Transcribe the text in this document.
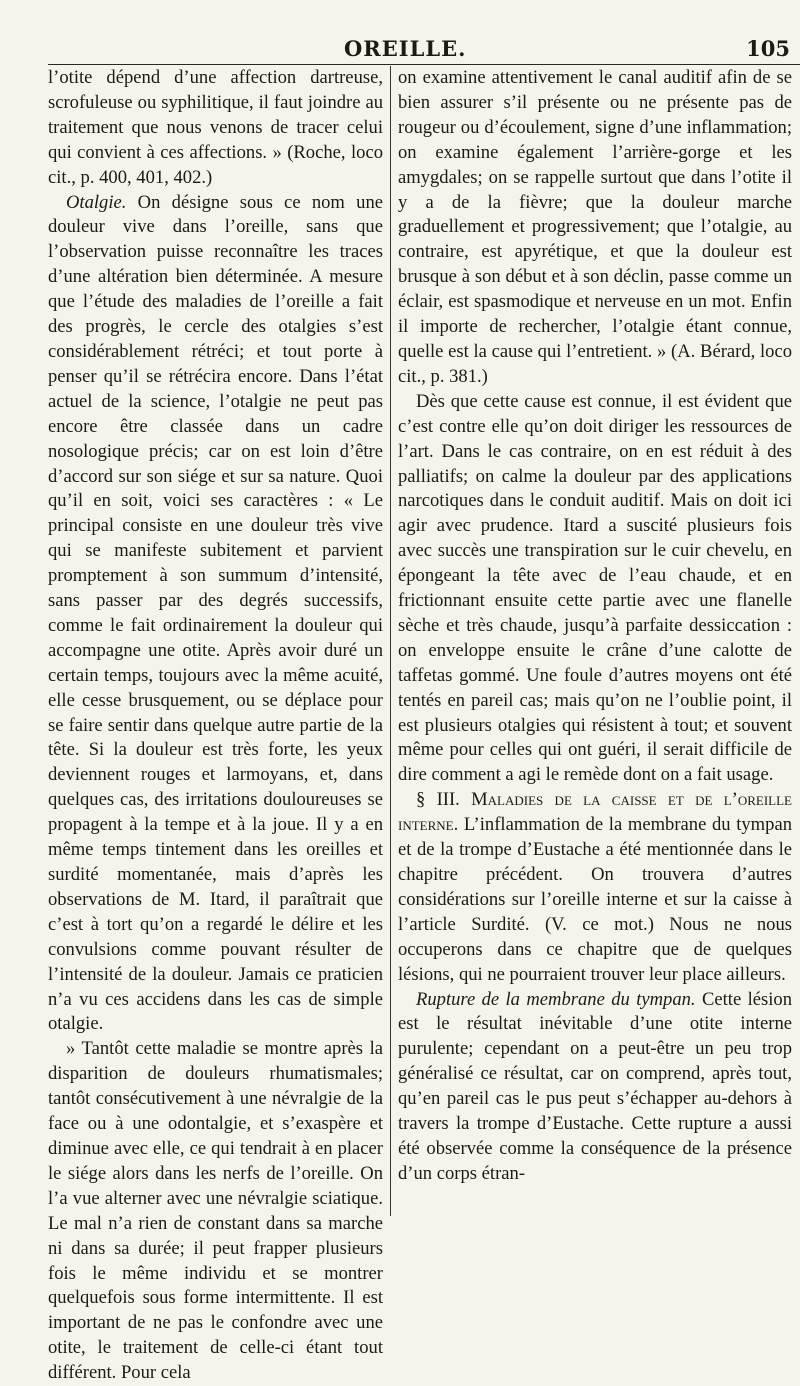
OREILLE.	105

l’otite dépend d’une affection dartreuse, scrofuleuse ou syphilitique, il faut joindre au traitement que nous venons de tracer celui qui convient à ces affections. » (Roche, loco cit., p. 400, 401, 402.)

Otalgie. On désigne sous ce nom une douleur vive dans l’oreille, sans que l’observation puisse reconnaître les traces d’une altération bien déterminée. A mesure que l’étude des maladies de l’oreille a fait des progrès, le cercle des otalgies s’est considérablement rétréci; et tout porte à penser qu’il se rétrécira encore. Dans l’état actuel de la science, l’otalgie ne peut pas encore être classée dans un cadre nosologique précis; car on est loin d’être d’accord sur son siége et sur sa nature. Quoi qu’il en soit, voici ses caractères : « Le principal consiste en une douleur très vive qui se manifeste subitement et parvient promptement à son summum d’intensité, sans passer par des degrés successifs, comme le fait ordinairement la douleur qui accompagne une otite. Après avoir duré un certain temps, toujours avec la même acuité, elle cesse brusquement, ou se déplace pour se faire sentir dans quelque autre partie de la tête. Si la douleur est très forte, les yeux deviennent rouges et larmoyans, et, dans quelques cas, des irritations douloureuses se propagent à la tempe et à la joue. Il y a en même temps tintement dans les oreilles et surdité momentanée, mais d’après les observations de M. Itard, il paraîtrait que c’est à tort qu’on a regardé le délire et les convulsions comme pouvant résulter de l’intensité de la douleur. Jamais ce praticien n’a vu ces accidens dans les cas de simple otalgie.

» Tantôt cette maladie se montre après la disparition de douleurs rhumatismales; tantôt consécutivement à une névralgie de la face ou à une odontalgie, et s’exaspère et diminue avec elle, ce qui tendrait à en placer le siége alors dans les nerfs de l’oreille. On l’a vue alterner avec une névralgie sciatique. Le mal n’a rien de constant dans sa marche ni dans sa durée; il peut frapper plusieurs fois le même individu et se montrer quelquefois sous forme intermittente. Il est important de ne pas le confondre avec une otite, le traitement de celle-ci étant tout différent. Pour cela

on examine attentivement le canal auditif afin de se bien assurer s’il présente ou ne présente pas de rougeur ou d’écoulement, signe d’une inflammation; on examine également l’arrière-gorge et les amygdales; on se rappelle surtout que dans l’otite il y a de la fièvre; que la douleur marche graduellement et progressivement; que l’otalgie, au contraire, est apyrétique, et que la douleur est brusque à son début et à son déclin, passe comme un éclair, est spasmodique et nerveuse en un mot. Enfin il importe de rechercher, l’otalgie étant connue, quelle est la cause qui l’entretient. » (A. Bérard, loco cit., p. 381.)

Dès que cette cause est connue, il est évident que c’est contre elle qu’on doit diriger les ressources de l’art. Dans le cas contraire, on en est réduit à des palliatifs; on calme la douleur par des applications narcotiques dans le conduit auditif. Mais on doit ici agir avec prudence. Itard a suscité plusieurs fois avec succès une transpiration sur le cuir chevelu, en épongeant la tête avec de l’eau chaude, et en frictionnant ensuite cette partie avec une flanelle sèche et très chaude, jusqu’à parfaite dessiccation : on enveloppe ensuite le crâne d’une calotte de taffetas gommé. Une foule d’autres moyens ont été tentés en pareil cas; mais qu’on ne l’oublie point, il est plusieurs otalgies qui résistent à tout; et souvent même pour celles qui ont guéri, il serait difficile de dire comment a agi le remède dont on a fait usage.

§ III. Maladies de la caisse et de l’oreille interne. L’inflammation de la membrane du tympan et de la trompe d’Eustache a été mentionnée dans le chapitre précédent. On trouvera d’autres considérations sur l’oreille interne et sur la caisse à l’article Surdité. (V. ce mot.) Nous ne nous occuperons dans ce chapitre que de quelques lésions, qui ne pourraient trouver leur place ailleurs.

Rupture de la membrane du tympan. Cette lésion est le résultat inévitable d’une otite interne purulente; cependant on a peut-être un peu trop généralisé ce résultat, car on comprend, après tout, qu’en pareil cas le pus peut s’échapper au-dehors à travers la trompe d’Eustache. Cette rupture a aussi été observée comme la conséquence de la présence d’un corps étran-
